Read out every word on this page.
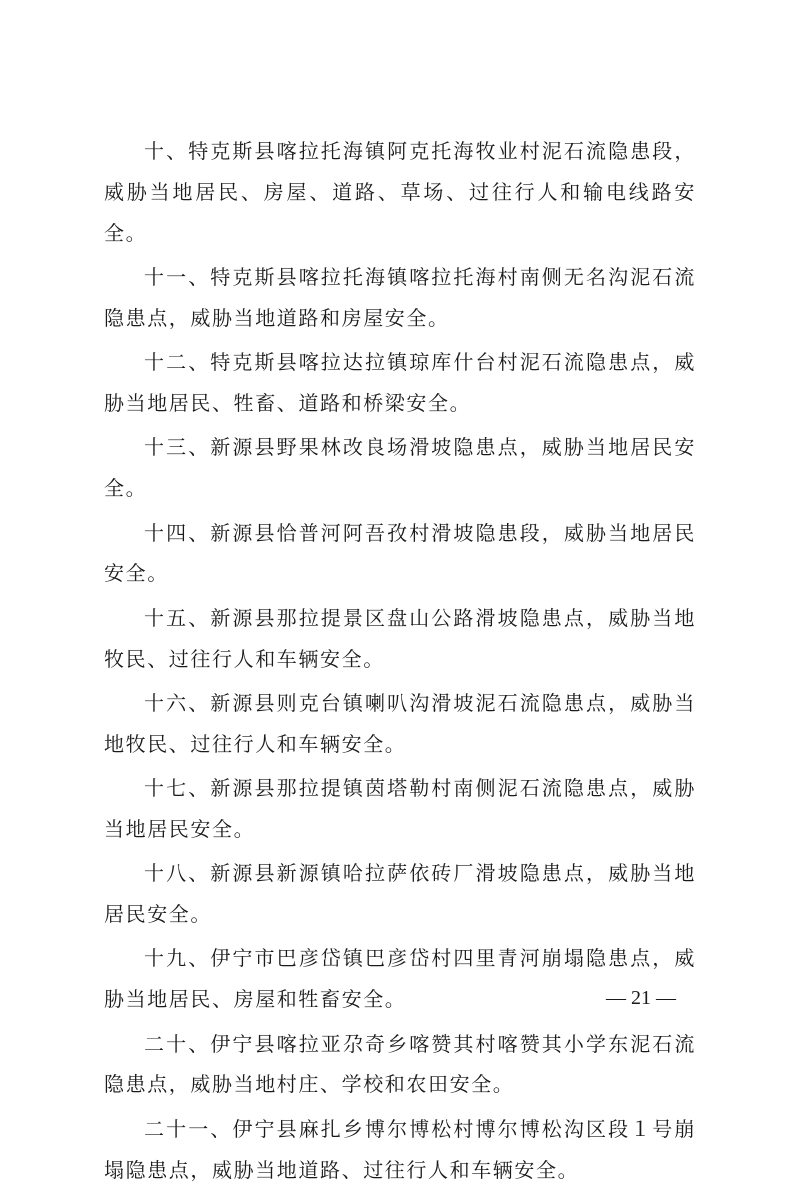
十、特克斯县喀拉托海镇阿克托海牧业村泥石流隐患段，威胁当地居民、房屋、道路、草场、过往行人和输电线路安全。

十一、特克斯县喀拉托海镇喀拉托海村南侧无名沟泥石流隐患点，威胁当地道路和房屋安全。

十二、特克斯县喀拉达拉镇琼库什台村泥石流隐患点，威胁当地居民、牲畜、道路和桥梁安全。

十三、新源县野果林改良场滑坡隐患点，威胁当地居民安全。

十四、新源县恰普河阿吾孜村滑坡隐患段，威胁当地居民安全。

十五、新源县那拉提景区盘山公路滑坡隐患点，威胁当地牧民、过往行人和车辆安全。

十六、新源县则克台镇喇叭沟滑坡泥石流隐患点，威胁当地牧民、过往行人和车辆安全。

十七、新源县那拉提镇茵塔勒村南侧泥石流隐患点，威胁当地居民安全。

十八、新源县新源镇哈拉萨依砖厂滑坡隐患点，威胁当地居民安全。

十九、伊宁市巴彦岱镇巴彦岱村四里青河崩塌隐患点，威胁当地居民、房屋和牲畜安全。

二十、伊宁县喀拉亚尕奇乡喀赞其村喀赞其小学东泥石流隐患点，威胁当地村庄、学校和农田安全。

二十一、伊宁县麻扎乡博尔博松村博尔博松沟区段１号崩塌隐患点，威胁当地道路、过往行人和车辆安全。

— 21 —
